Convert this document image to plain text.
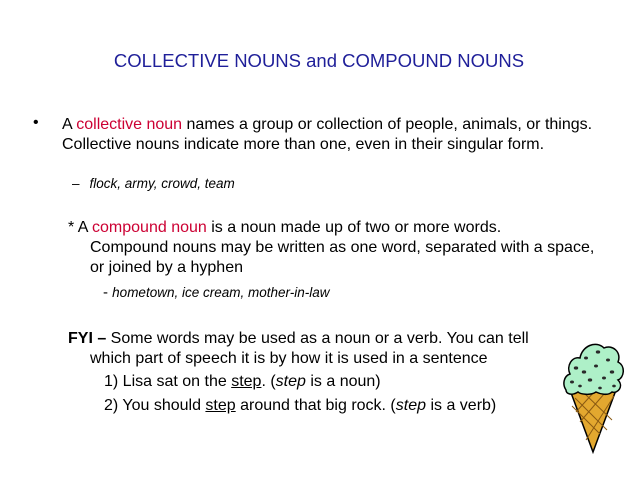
COLLECTIVE NOUNS and COMPOUND NOUNS
• A collective noun names a group or collection of people, animals, or things. Collective nouns indicate more than one, even in their singular form.
– flock, army, crowd, team
* A compound noun is a noun made up of two or more words.
Compound nouns may be written as one word, separated with a space, or joined by a hyphen
- hometown, ice cream, mother-in-law
FYI – Some words may be used as a noun or a verb. You can tell
which part of speech it is by how it is used in a sentence
1) Lisa sat on the step. (step is a noun)
2) You should step around that big rock. (step is a verb)
